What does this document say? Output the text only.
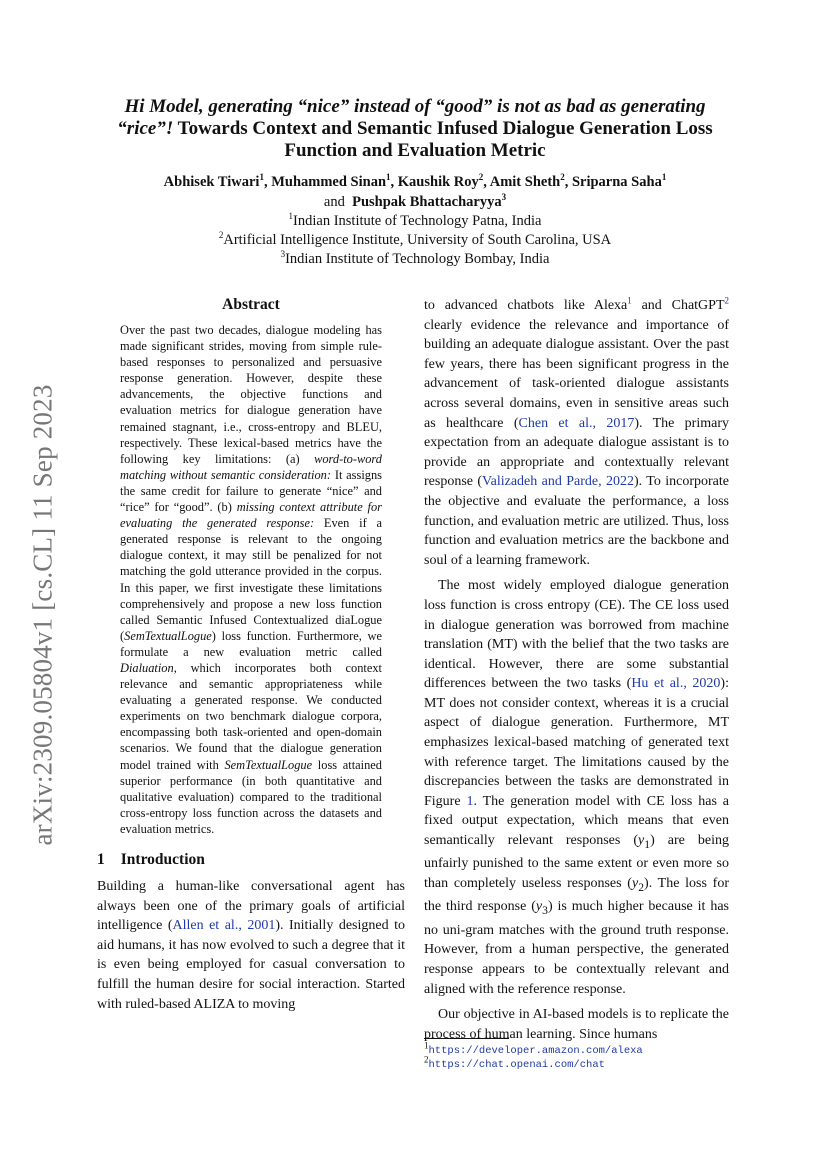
arXiv:2309.05804v1 [cs.CL] 11 Sep 2023

Hi Model, generating “nice” instead of “good” is not as bad as generating “rice”! Towards Context and Semantic Infused Dialogue Generation Loss Function and Evaluation Metric

Abhisek Tiwari$^1$, Muhammed Sinan$^1$, Kaushik Roy$^2$, Amit Sheth$^2$, Sriparna Saha$^1$
and Pushpak Bhattacharyya$^3$
$^1$Indian Institute of Technology Patna, India
$^2$Artificial Intelligence Institute, University of South Carolina, USA
$^3$Indian Institute of Technology Bombay, India

Abstract

Over the past two decades, dialogue modeling has made significant strides, moving from simple rule-based responses to personalized and persuasive response generation. However, despite these advancements, the objective functions and evaluation metrics for dialogue generation have remained stagnant, i.e., cross-entropy and BLEU, respectively. These lexical-based metrics have the following key limitations: (a) word-to-word matching without semantic consideration: It assigns the same credit for failure to generate “nice” and “rice” for “good”. (b) missing context attribute for evaluating the generated response: Even if a generated response is relevant to the ongoing dialogue context, it may still be penalized for not matching the gold utterance provided in the corpus. In this paper, we first investigate these limitations comprehensively and propose a new loss function called Semantic Infused Contextualized diaLogue (SemTextualLogue) loss function. Furthermore, we formulate a new evaluation metric called Dialuation, which incorporates both context relevance and semantic appropriateness while evaluating a generated response. We conducted experiments on two benchmark dialogue corpora, encompassing both task-oriented and open-domain scenarios. We found that the dialogue generation model trained with SemTextualLogue loss attained superior performance (in both quantitative and qualitative evaluation) compared to the traditional cross-entropy loss function across the datasets and evaluation metrics.

1 Introduction

Building a human-like conversational agent has always been one of the primary goals of artificial intelligence (Allen et al., 2001). Initially designed to aid humans, it has now evolved to such a degree that it is even being employed for casual conversation to fulfill the human desire for social interaction. Started with ruled-based ALIZA to moving

to advanced chatbots like Alexa$^1$ and ChatGPT$^2$ clearly evidence the relevance and importance of building an adequate dialogue assistant. Over the past few years, there has been significant progress in the advancement of task-oriented dialogue assistants across several domains, even in sensitive areas such as healthcare (Chen et al., 2017). The primary expectation from an adequate dialogue assistant is to provide an appropriate and contextually relevant response (Valizadeh and Parde, 2022). To incorporate the objective and evaluate the performance, a loss function, and evaluation metric are utilized. Thus, loss function and evaluation metrics are the backbone and soul of a learning framework.

The most widely employed dialogue generation loss function is cross entropy (CE). The CE loss used in dialogue generation was borrowed from machine translation (MT) with the belief that the two tasks are identical. However, there are some substantial differences between the two tasks (Hu et al., 2020): MT does not consider context, whereas it is a crucial aspect of dialogue generation. Furthermore, MT emphasizes lexical-based matching of generated text with reference target. The limitations caused by the discrepancies between the tasks are demonstrated in Figure 1. The generation model with CE loss has a fixed output expectation, which means that even semantically relevant responses $(y_1)$ are being unfairly punished to the same extent or even more so than completely useless responses $(y_2)$. The loss for the third response $(y_3)$ is much higher because it has no uni-gram matches with the ground truth response. However, from a human perspective, the generated response appears to be contextually relevant and aligned with the reference response.

Our objective in AI-based models is to replicate the process of human learning. Since humans

$^1$https://developer.amazon.com/alexa
$^2$https://chat.openai.com/chat
